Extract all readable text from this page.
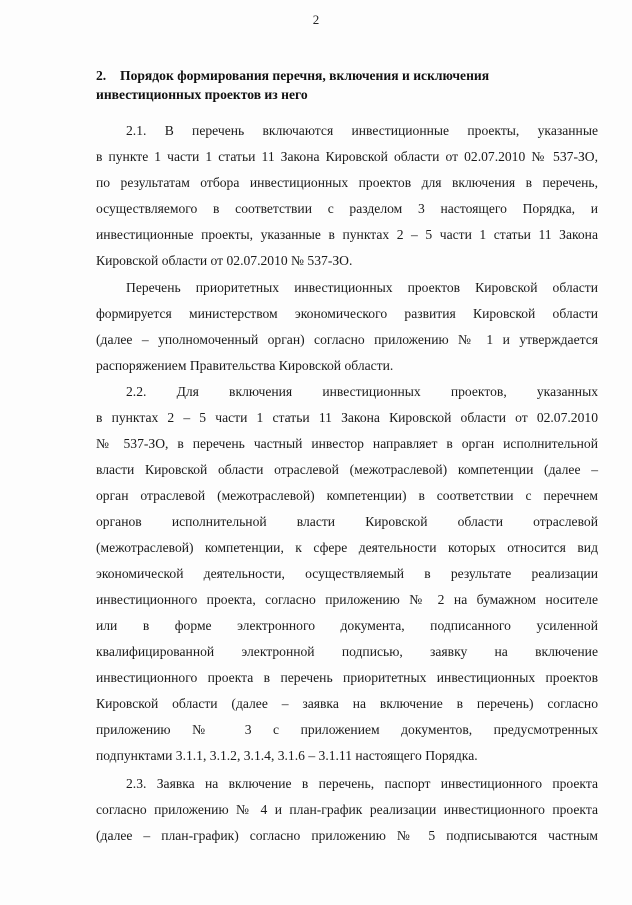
2
2. Порядок формирования перечня, включения и исключения
инвестиционных проектов из него
2.1. В перечень включаются инвестиционные проекты, указанные
в пункте 1 части 1 статьи 11 Закона Кировской области от 02.07.2010 № 537-ЗО,
по результатам отбора инвестиционных проектов для включения в перечень,
осуществляемого в соответствии с разделом 3 настоящего Порядка, и
инвестиционные проекты, указанные в пунктах 2 – 5 части 1 статьи 11 Закона
Кировской области от 02.07.2010 № 537-ЗО.
Перечень приоритетных инвестиционных проектов Кировской области
формируется министерством экономического развития Кировской области
(далее – уполномоченный орган) согласно приложению № 1 и утверждается
распоряжением Правительства Кировской области.
2.2. Для включения инвестиционных проектов, указанных
в пунктах 2 – 5 части 1 статьи 11 Закона Кировской области от 02.07.2010
№ 537-ЗО, в перечень частный инвестор направляет в орган исполнительной
власти Кировской области отраслевой (межотраслевой) компетенции (далее –
орган отраслевой (межотраслевой) компетенции) в соответствии с перечнем
органов исполнительной власти Кировской области отраслевой
(межотраслевой) компетенции, к сфере деятельности которых относится вид
экономической деятельности, осуществляемый в результате реализации
инвестиционного проекта, согласно приложению № 2 на бумажном носителе
или в форме электронного документа, подписанного усиленной
квалифицированной электронной подписью, заявку на включение
инвестиционного проекта в перечень приоритетных инвестиционных проектов
Кировской области (далее – заявка на включение в перечень) согласно
приложению № 3 с приложением документов, предусмотренных
подпунктами 3.1.1, 3.1.2, 3.1.4, 3.1.6 – 3.1.11 настоящего Порядка.
2.3. Заявка на включение в перечень, паспорт инвестиционного проекта
согласно приложению № 4 и план-график реализации инвестиционного проекта
(далее – план-график) согласно приложению № 5 подписываются частным
